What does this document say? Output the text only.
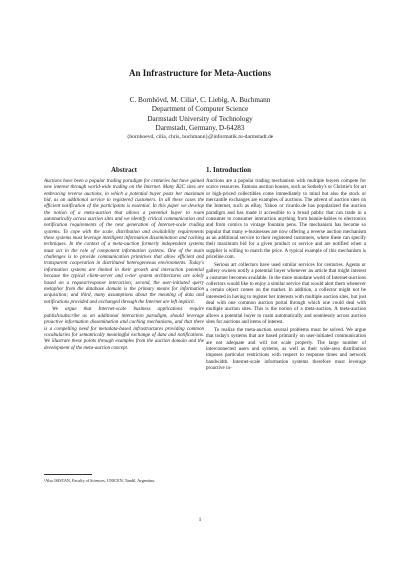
An Infrastructure for Meta-Auctions
C. Bornhövd, M. Cilia¹, C. Liebig, A. Buchmann
Department of Computer Science
Darmstadt University of Technology
Darmstadt, Germany, D-64283
{bornhoevd, cilia, chris, buchmann}@informatik.tu-darmstadt.de
Abstract

Auctions have been a popular trading paradigm for centuries but have gained new interest through world-wide trading on the Internet. Many B2C sites are embracing reverse auctions, in which a potential buyer posts her maximum bid, as an additional service to registered customers. In all these cases the efficient notification of the participants is essential. In this paper we develop the notion of a meta-auction that allows a potential buyer to roam automatically across auction sites and we identify critical communication and notification requirements of the next generation of Internet-scale trading systems. To cope with the scale, distribution and availability requirements these systems must leverage intelligent information dissemination and caching techniques. In the context of a meta-auction formerly independent systems must act in the role of component information systems. One of the main challenges is to provide communication primitives that allow efficient and transparent cooperation in distributed heterogeneous environments. Today's information systems are limited in their growth and interaction potential because the typical client-server and n-tier system architectures are solely based on a request/response interaction; second, the user-initiated query metaphor from the database domain is the primary means for information acquisition; and third, many assumptions about the meaning of data and notifications provided and exchanged through the Internet are left implicit.

We argue that Internet-scale business applications require publish/subscribe as an additional interaction paradigm, should leverage proactive information dissemination and caching mechanisms, and that there is a compelling need for metadata-based infrastructures providing common vocabularies for semantically meaningful exchange of data and notifications. We illustrate these points through examples from the auction domain and the development of the meta-auction concept.

¹Also ISISTAN, Faculty of Sciences, UNICEN, Tandil, Argentina.
1. Introduction

Auctions are a popular trading mechanism with multiple buyers compete for scarce resources. Famous auction houses, such as Sotheby's or Christie's for art or high-priced collectibles come immediately to mind but also the stock or mercantile exchanges are examples of auctions. The advent of auction sites on the Internet, such as eBay, Yahoo or ricardo.de has popularized the auction paradigm and has made it accessible to a broad public that can trade in a consumer to consumer interaction anything from beanie-babies to electronics and from comics to vintage fountain pens. The mechanism has become so popular that many e-businesses are now offering a reverse auction mechanism as an additional service to their registered customers, where these can specify their maximum bid for a given product or service and are notified when a supplier is willing to match the price. A typical example of this mechanism is priceline.com.

Serious art collectors have used similar services for centuries. Agents or gallery owners notify a potential buyer whenever an article that might interest a customer becomes available. In the more mundane world of Internet-auctions collectors would like to enjoy a similar service that would alert them whenever a certain object comes on the market. In addition, a collector might not be interested in having to register her interests with multiple auction sites, but just deal with one common auction portal through which one could deal with multiple auction sites. This is the notion of a meta-auction. A meta-auction allows a potential buyer to roam automatically and seamlessly across auction sites for auctions and items of interest.

To realize the meta-auction several problems must be solved. We argue that today's systems that are based primarily on user-initiated communication are not adequate and will not scale properly. The large number of interconnected users and systems, as well as their wide-area distribution imposes particular restrictions with respect to response times and network bandwidth. Internet-scale information systems therefore must leverage proactive in-

1
